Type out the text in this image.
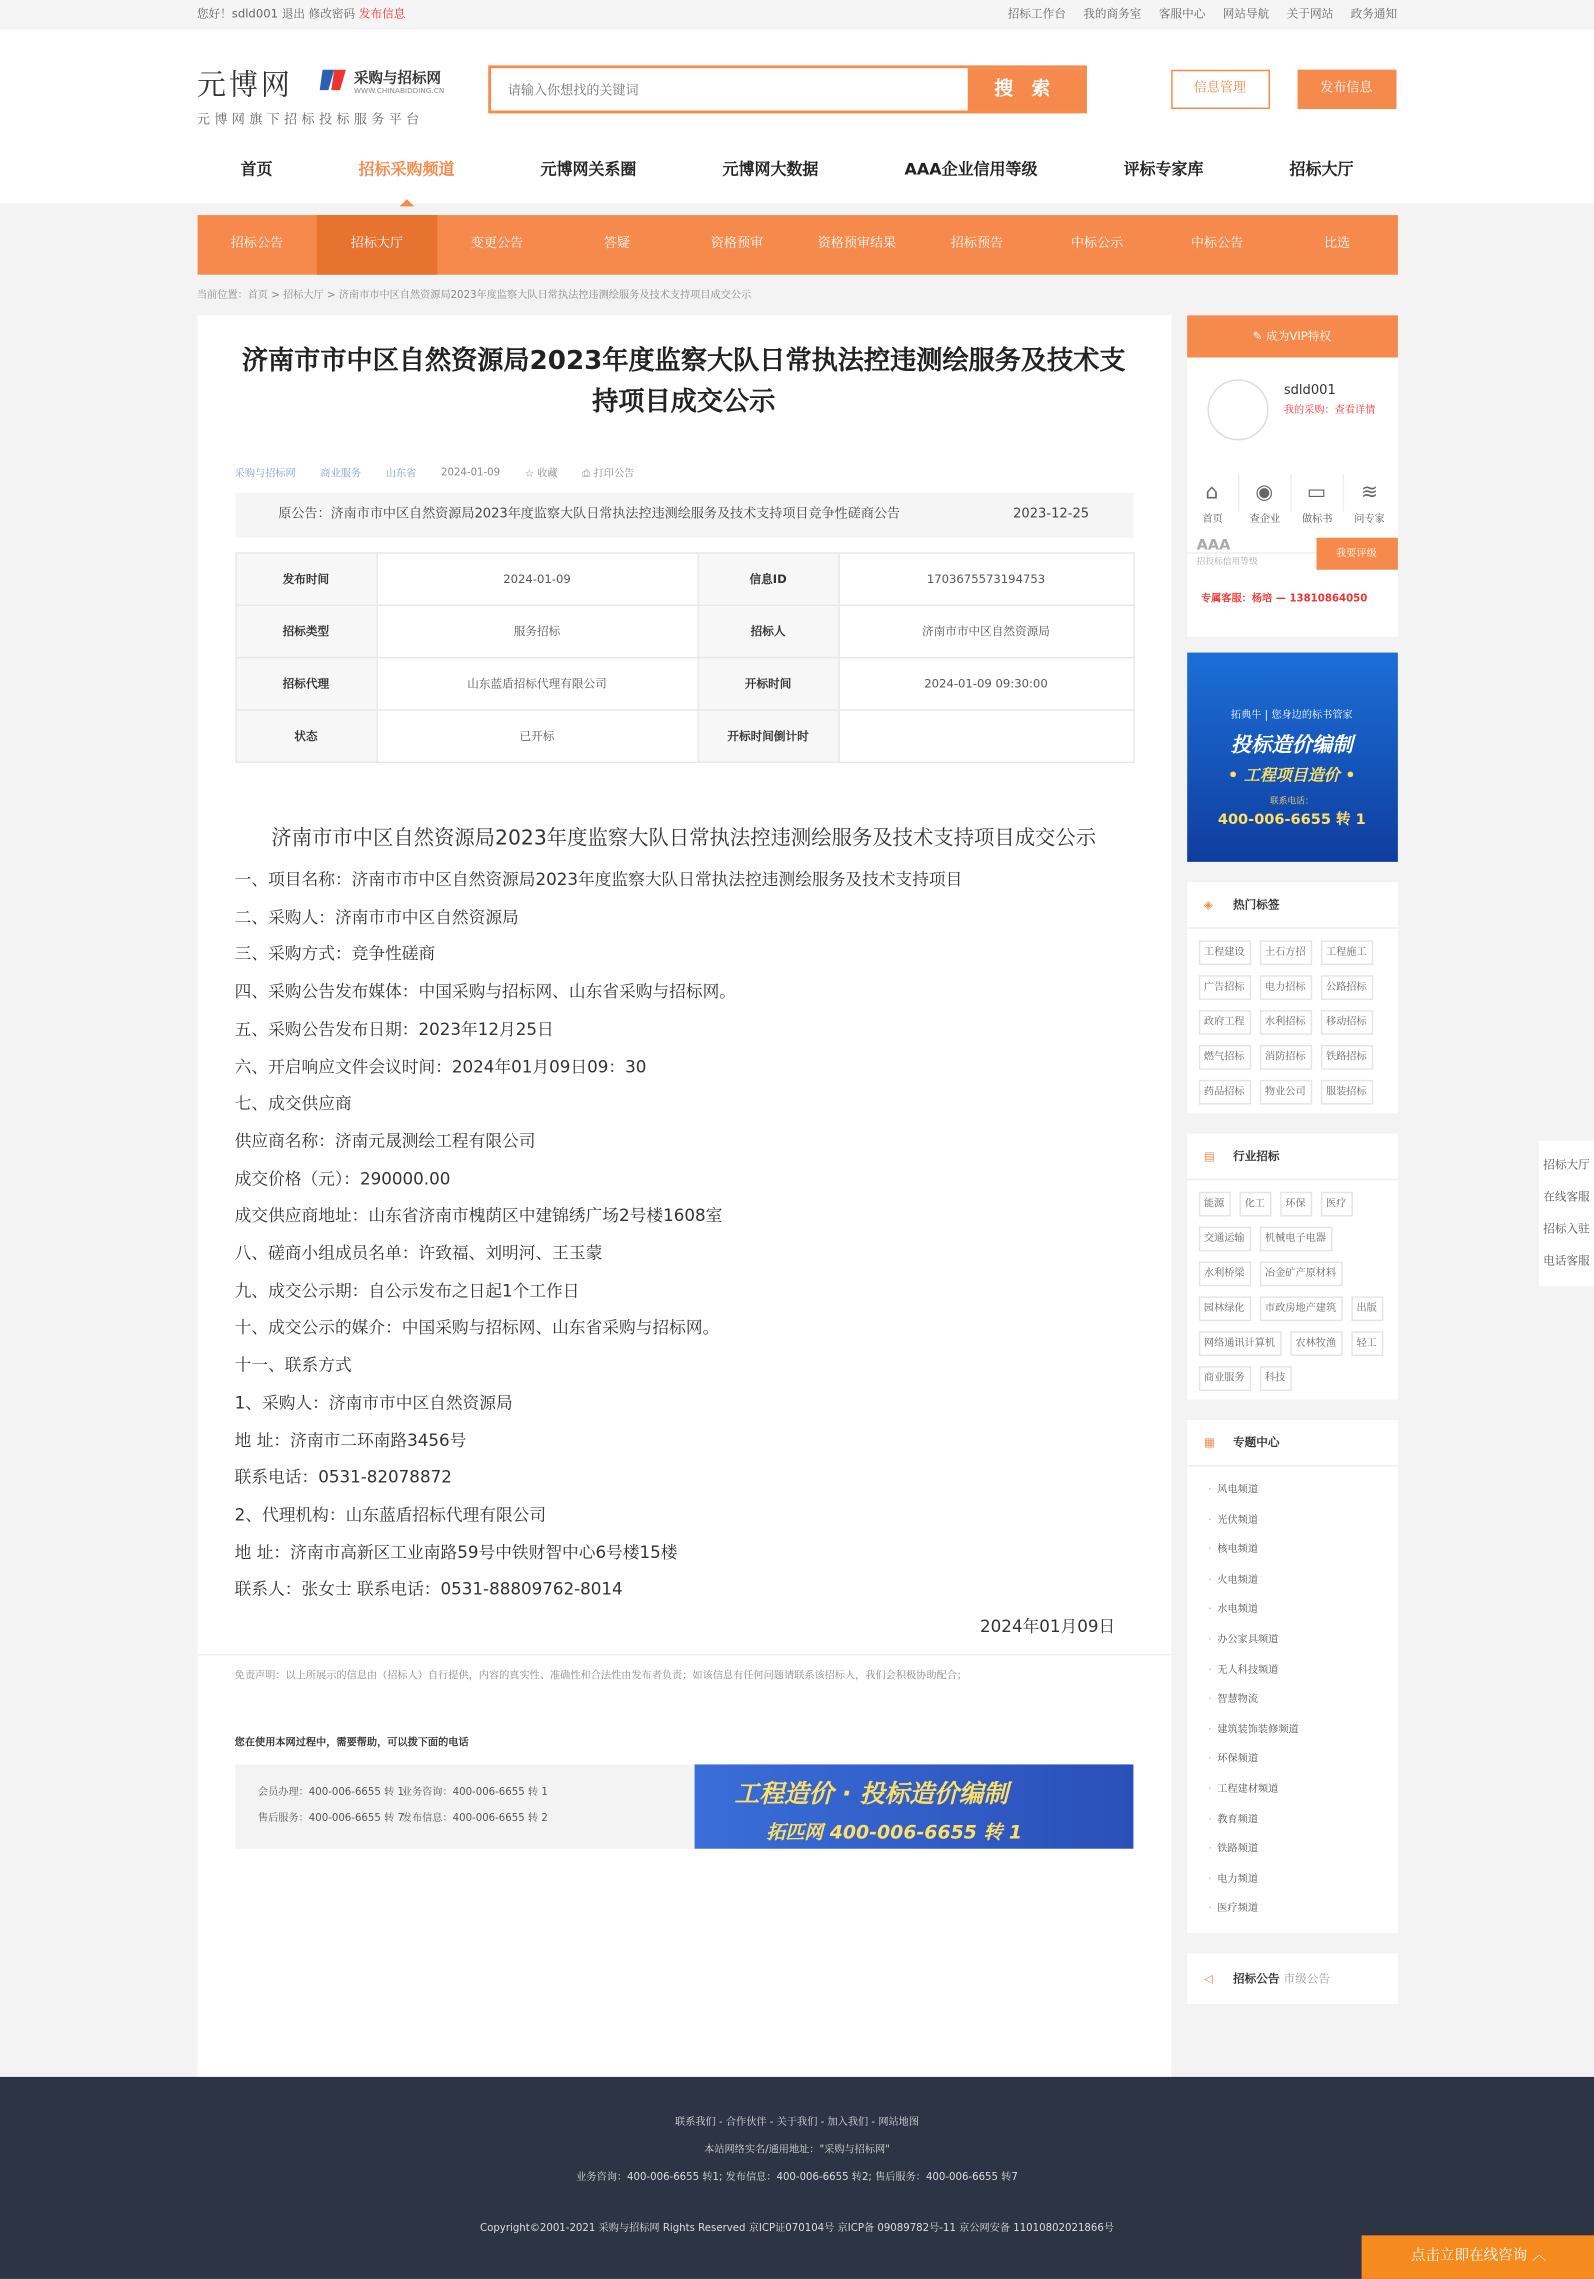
您好！sdld001 退出 修改密码 发布信息	招标工作台 我的商务室 客服中心 网站导航 关于网站 政务通知
元博网	采购与招标网
WWW.CHINABIDDING.CN
元博网旗下招标投标服务平台
请输入你想找的关键词
搜 索	信息管理	发布信息
首页	招标采购频道	元博网关系圈	元博网大数据	AAA企业信用等级	评标专家库	招标大厅
招标公告	招标大厅	变更公告	答疑	资格预审	资格预审结果	招标预告	中标公示	中标公告	比选
当前位置：首页 > 招标大厅 > 济南市市中区自然资源局2023年度监察大队日常执法控违测绘服务及技术支持项目成交公示
济南市市中区自然资源局2023年度监察大队日常执法控违测绘服务及技术支持项目成交公示
采购与招标网	商业服务	山东省	2024-01-09	☆ 收藏	⎙ 打印公告
原公告：济南市市中区自然资源局2023年度监察大队日常执法控违测绘服务及技术支持项目竞争性磋商公告	2023-12-25
发布时间	2024-01-09	信息ID	1703675573194753
招标类型	服务招标	招标人	济南市市中区自然资源局
招标代理	山东蓝盾招标代理有限公司	开标时间	2024-01-09 09:30:00
状态	已开标	开标时间倒计时	
济南市市中区自然资源局2023年度监察大队日常执法控违测绘服务及技术支持项目成交公示
一、项目名称：济南市市中区自然资源局2023年度监察大队日常执法控违测绘服务及技术支持项目
二、采购人：济南市市中区自然资源局
三、采购方式：竞争性磋商
四、采购公告发布媒体：中国采购与招标网、山东省采购与招标网。
五、采购公告发布日期：2023年12月25日
六、开启响应文件会议时间：2024年01月09日09：30
七、成交供应商
供应商名称：济南元晟测绘工程有限公司
成交价格（元）：290000.00
成交供应商地址：山东省济南市槐荫区中建锦绣广场2号楼1608室
八、磋商小组成员名单：许致福、刘明河、王玉蒙
九、成交公示期：自公示发布之日起1个工作日
十、成交公示的媒介：中国采购与招标网、山东省采购与招标网。
十一、联系方式
1、采购人：济南市市中区自然资源局
地 址：济南市二环南路3456号
联系电话：0531-82078872
2、代理机构：山东蓝盾招标代理有限公司
地 址：济南市高新区工业南路59号中铁财智中心6号楼15楼
联系人：张女士 联系电话：0531-88809762-8014
2024年01月09日
免责声明：以上所展示的信息由（招标人）自行提供，内容的真实性、准确性和合法性由发布者负责；如该信息有任何问题请联系该招标人，我们会积极协助配合；
您在使用本网过程中，需要帮助，可以拨下面的电话
会员办理：400-006-6655 转 1
业务咨询：400-006-6655 转 1
售后服务：400-006-6655 转 7
发布信息：400-006-6655 转 2
工程造价 · 投标造价编制
拓匹网 400-006-6655 转 1
✎ 成为VIP特权
sdld001
我的采购：查看详情
⌂
首页
◉
查企业
▭
做标书
≋
问专家
AAA
招投标信用等级
我要评级
专属客服：杨培 — 13810864050
拓典牛 | 您身边的标书管家
投标造价编制
• 工程项目造价 •
联系电话：
400-006-6655 转 1
◈	热门标签
工程建设	土石方招	工程施工
广告招标	电力招标	公路招标
政府工程	水利招标	移动招标
燃气招标	消防招标	铁路招标
药品招标	物业公司	服装招标
▤ 行业招标
能源	化工	环保	医疗
交通运输	机械电子电器
水利桥梁	冶金矿产原材料
园林绿化	市政房地产建筑	出版
网络通讯计算机	农林牧渔	轻工
商业服务	科技
▦ 专题中心
· 风电频道
· 光伏频道
· 核电频道
· 火电频道
· 水电频道
· 办公家具频道
· 无人科技频道
· 智慧物流
· 建筑装饰装修频道
· 环保频道
· 工程建材频道
· 教育频道
· 铁路频道
· 电力频道
· 医疗频道
◁	招标公告 市级公告
招标大厅
在线客服
招标入驻
电话客服
联系我们 - 合作伙伴 - 关于我们 - 加入我们 - 网站地图
本站网络实名/通用地址："采购与招标网"
业务咨询：400-006-6655 转1; 发布信息：400-006-6655 转2; 售后服务：400-006-6655 转7
Copyright©2001-2021 采购与招标网 Rights Reserved 京ICP证070104号 京ICP备 09089782号-11 京公网安备 11010802021866号
点击立即在线咨询 ︿
